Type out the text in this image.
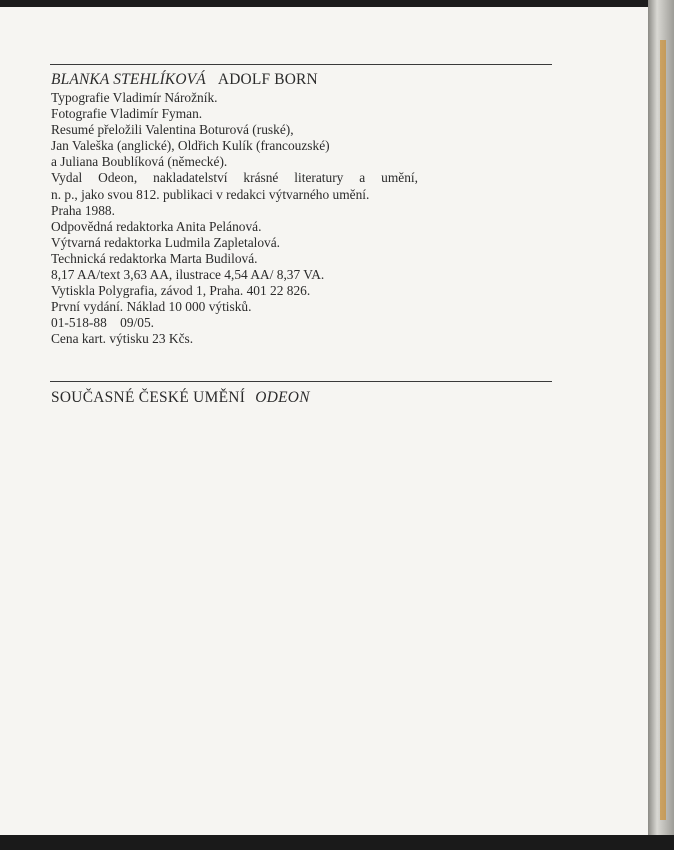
BLANKA STEHLÍKOVÁ ADOLF BORN
Typografie Vladimír Nárožník.
Fotografie Vladimír Fyman.
Resumé přeložili Valentina Boturová (ruské),
Jan Valeška (anglické), Oldřich Kulík (francouzské)
a Juliana Boublíková (německé).
Vydal Odeon, nakladatelství krásné literatury a umění,
n. p., jako svou 812. publikaci v redakci výtvarného umění.
Praha 1988.
Odpovědná redaktorka Anita Pelánová.
Výtvarná redaktorka Ludmila Zapletalová.
Technická redaktorka Marta Budilová.
8,17 AA/text 3,63 AA, ilustrace 4,54 AA/ 8,37 VA.
Vytiskla Polygrafia, závod 1, Praha. 401 22 826.
První vydání. Náklad 10 000 výtisků.
01-518-88    09/05.
Cena kart. výtisku 23 Kčs.
SOUČASNÉ ČESKÉ UMĚNÍ ODEON
